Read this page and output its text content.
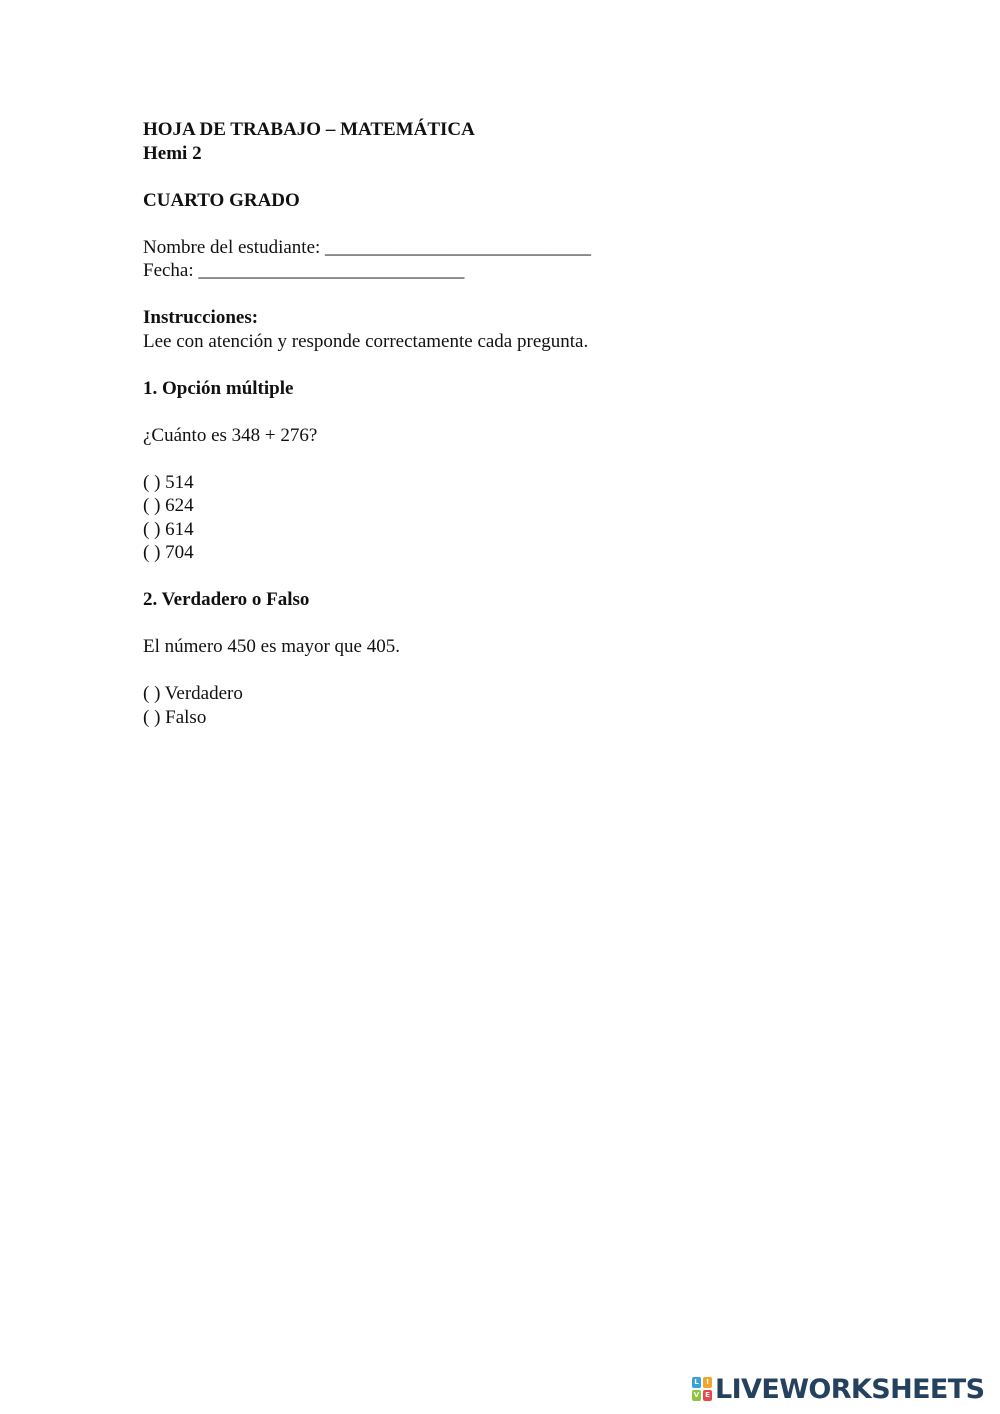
HOJA DE TRABAJO – MATEMÁTICA
Hemi 2
CUARTO GRADO
Nombre del estudiante: ____________________________
Fecha: ____________________________
Instrucciones:
Lee con atención y responde correctamente cada pregunta.
1. Opción múltiple
¿Cuánto es 348 + 276?
( ) 514
( ) 624
( ) 614
( ) 704
2. Verdadero o Falso
El número 450 es mayor que 405.
( ) Verdadero
( ) Falso
L	I
V E LIVEWORKSHEETS
